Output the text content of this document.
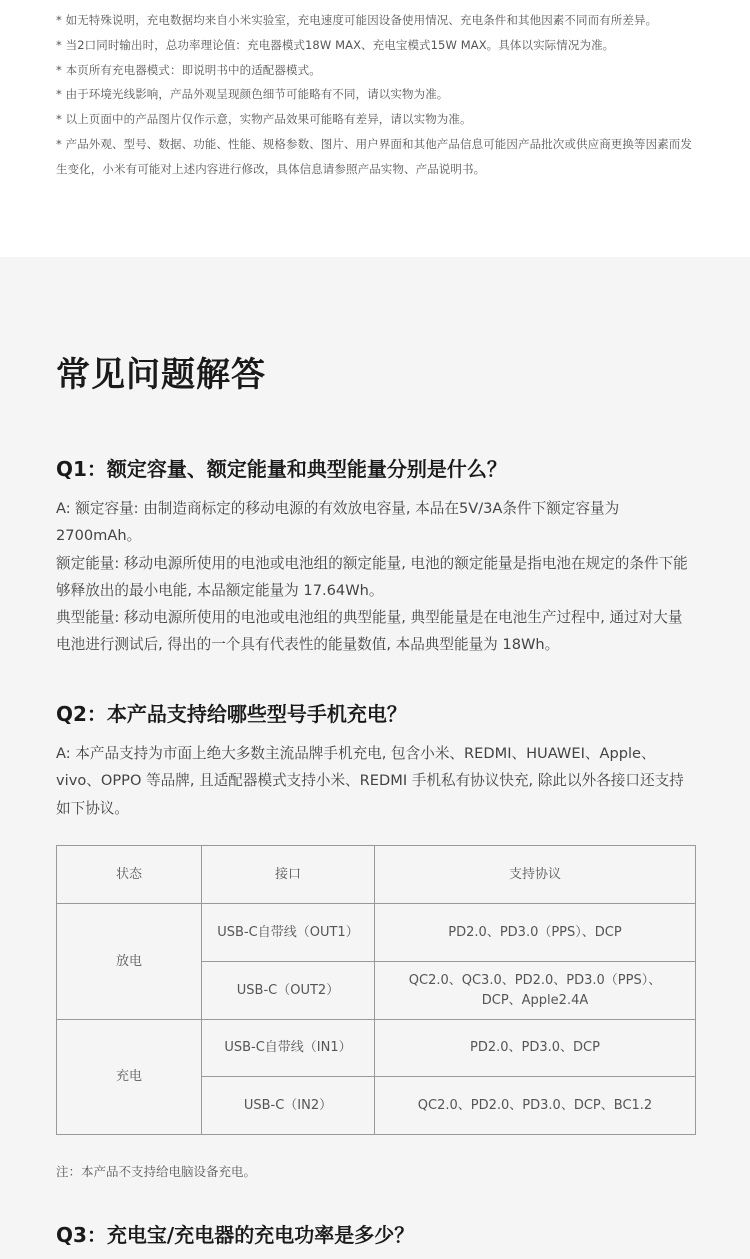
* 如无特殊说明，充电数据均来自小米实验室，充电速度可能因设备使用情况、充电条件和其他因素不同而有所差异。

* 当2口同时输出时，总功率理论值：充电器模式18W MAX、充电宝模式15W MAX。具体以实际情况为准。

* 本页所有充电器模式：即说明书中的适配器模式。

* 由于环境光线影响，产品外观呈现颜色细节可能略有不同，请以实物为准。

* 以上页面中的产品图片仅作示意，实物产品效果可能略有差异，请以实物为准。

* 产品外观、型号、数据、功能、性能、规格参数、图片、用户界面和其他产品信息可能因产品批次或供应商更换等因素而发生变化，小米有可能对上述内容进行修改，具体信息请参照产品实物、产品说明书。

常见问题解答
Q1：额定容量、额定能量和典型能量分别是什么？

A: 额定容量: 由制造商标定的移动电源的有效放电容量, 本品在5V/3A条件下额定容量为 2700mAh。

额定能量: 移动电源所使用的电池或电池组的额定能量, 电池的额定能量是指电池在规定的条件下能够释放出的最小电能, 本品额定能量为 17.64Wh。

典型能量: 移动电源所使用的电池或电池组的典型能量, 典型能量是在电池生产过程中, 通过对大量电池进行测试后, 得出的一个具有代表性的能量数值, 本品典型能量为 18Wh。

Q2：本产品支持给哪些型号手机充电？

A: 本产品支持为市面上绝大多数主流品牌手机充电, 包含小米、REDMI、HUAWEI、Apple、vivo、OPPO 等品牌, 且适配器模式支持小米、REDMI 手机私有协议快充, 除此以外各接口还支持如下协议。

状态	接口	支持协议
放电	USB-C自带线（OUT1）	PD2.0、PD3.0（PPS）、DCP
	USB-C（OUT2）	QC2.0、QC3.0、PD2.0、PD3.0（PPS）、
DCP、Apple2.4A

充电	USB-C自带线（IN1）	PD2.0、PD3.0、DCP
	USB-C（IN2）	QC2.0、PD2.0、PD3.0、DCP、BC1.2

注：本产品不支持给电脑设备充电。

Q3：充电宝/充电器的充电功率是多少？
